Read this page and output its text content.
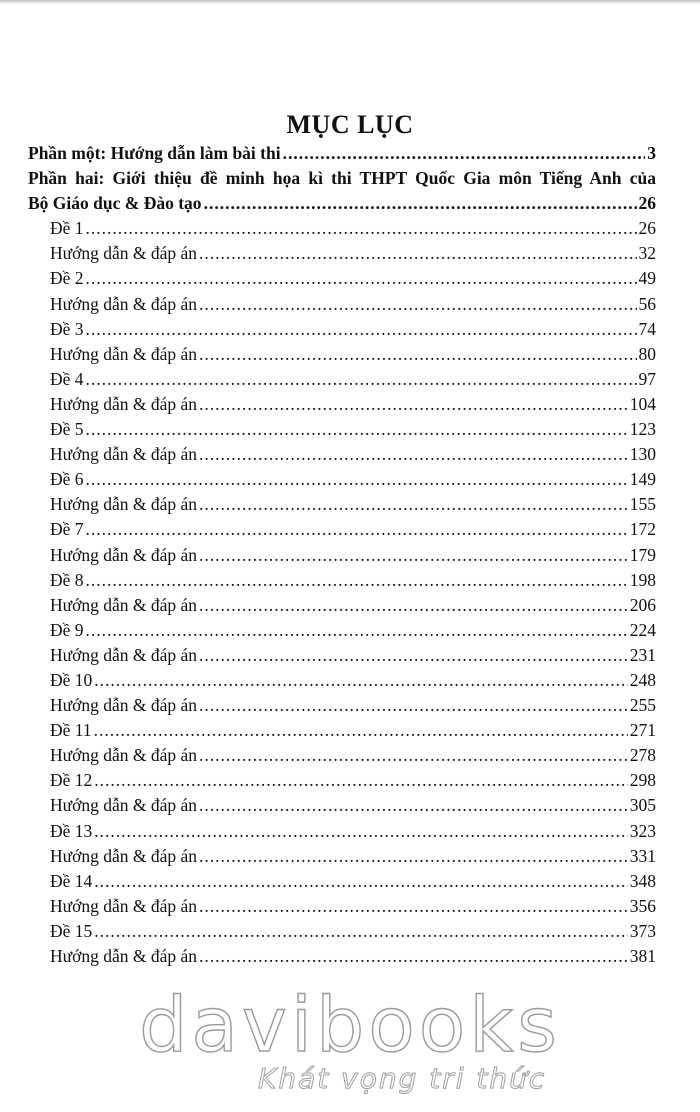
MỤC LỤC
Phần một: Hướng dẫn làm bài thi .....	3
Phần hai: Giới thiệu đề minh họa kì thi THPT Quốc Gia môn Tiếng Anh của
Bộ Giáo dục & Đào tạo .....	26
Đề 1 .....	26
Hướng dẫn & đáp án .....	32
Đề 2 .....	49
Hướng dẫn & đáp án .....	56
Đề 3 .....	74
Hướng dẫn & đáp án .....	80
Đề 4 .....	97
Hướng dẫn & đáp án .....	104
Đề 5 .....	123
Hướng dẫn & đáp án .....	130
Đề 6 .....	149
Hướng dẫn & đáp án .....	155
Đề 7 .....	172
Hướng dẫn & đáp án .....	179
Đề 8 .....	198
Hướng dẫn & đáp án .....	206
Đề 9 .....	224
Hướng dẫn & đáp án .....	231
Đề 10 .....	248
Hướng dẫn & đáp án .....	255
Đề 11 .....	271
Hướng dẫn & đáp án .....	278
Đề 12 .....	298
Hướng dẫn & đáp án .....	305
Đề 13 .....	323
Hướng dẫn & đáp án .....	331
Đề 14 .....	348
Hướng dẫn & đáp án .....	356
Đề 15 .....	373
Hướng dẫn & đáp án .....	381
davibooks
Khát vọng tri thức
